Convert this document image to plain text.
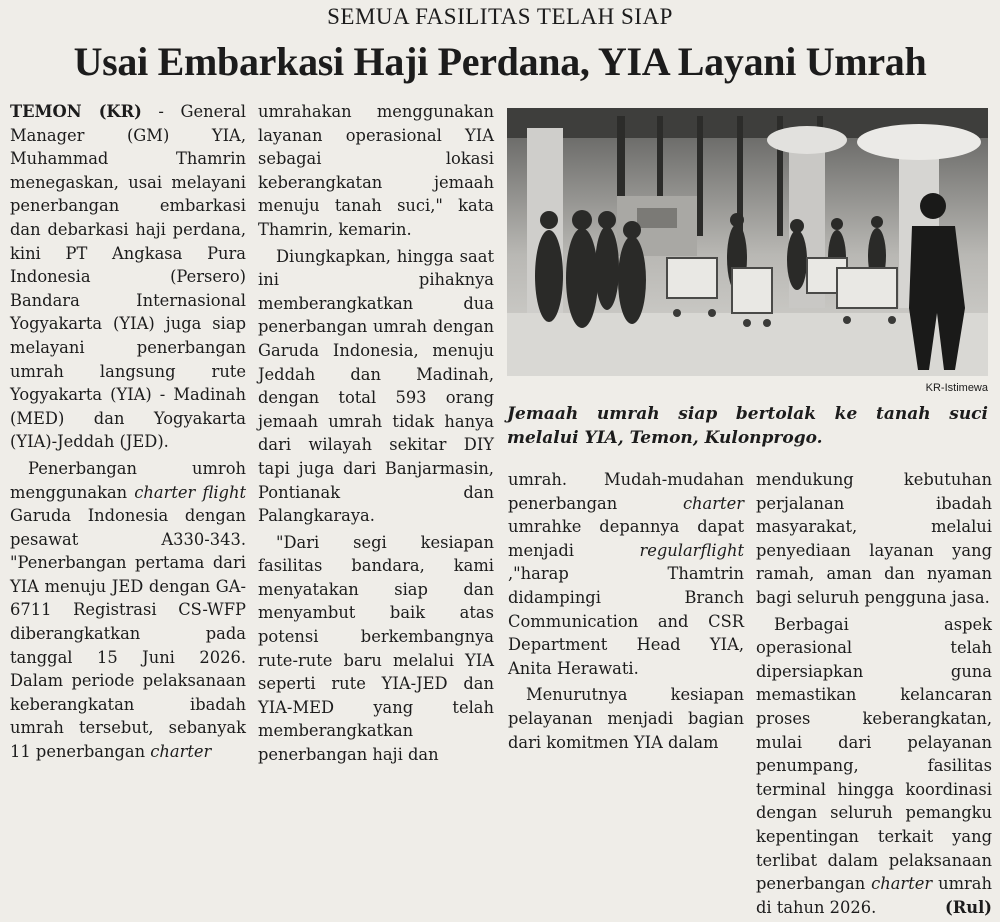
SEMUA FASILITAS TELAH SIAP
Usai Embarkasi Haji Perdana, YIA Layani Umrah

TEMON (KR) - General Manager (GM) YIA, Muhammad Thamrin menegaskan, usai melayani penerbangan embarkasi dan debarkasi haji perdana, kini PT Angkasa Pura Indonesia (Persero) Bandara Internasional Yogyakarta (YIA) juga siap melayani penerbangan umrah langsung rute Yogyakarta (YIA) - Madinah (MED) dan Yogyakarta (YIA)-Jeddah (JED).

Penerbangan umroh menggunakan charter flight Garuda Indonesia dengan pesawat A330-343. "Penerbangan pertama dari YIA menuju JED dengan GA-6711 Registrasi CS-WFP diberangkatkan pada tanggal 15 Juni 2026. Dalam periode pelaksanaan keberangkatan ibadah umrah tersebut, sebanyak 11 penerbangan charter

umrahakan menggunakan layanan operasional YIA sebagai lokasi keberangkatan jemaah menuju tanah suci," kata Thamrin, kemarin.

Diungkapkan, hingga saat ini pihaknya memberangkatkan dua penerbangan umrah dengan Garuda Indonesia, menuju Jeddah dan Madinah, dengan total 593 orang jemaah umrah tidak hanya dari wilayah sekitar DIY tapi juga dari Banjarmasin, Pontianak dan Palangkaraya.

"Dari segi kesiapan fasilitas bandara, kami menyatakan siap dan menyambut baik atas potensi berkembangnya rute-rute baru melalui YIA seperti rute YIA-JED dan YIA-MED yang telah memberangkatkan penerbangan haji dan

umrah. Mudah-mudahan penerbangan charter umrahke depannya dapat menjadi regularflight ,"harap Thamtrin didampingi Branch Communication and CSR Department Head YIA, Anita Herawati.

Menurutnya kesiapan pelayanan menjadi bagian dari komitmen YIA dalam

mendukung kebutuhan perjalanan ibadah masyarakat, melalui penyediaan layanan yang ramah, aman dan nyaman bagi seluruh pengguna jasa.

Berbagai aspek operasional telah dipersiapkan guna memastikan kelancaran proses keberangkatan, mulai dari pelayanan penumpang, fasilitas terminal hingga koordinasi dengan seluruh pemangku kepentingan terkait yang terlibat dalam pelaksanaan penerbangan charter umrah di tahun 2026.	(Rul)

KR-Istimewa
Jemaah umrah siap bertolak ke tanah suci melalui YIA, Temon, Kulonprogo.
